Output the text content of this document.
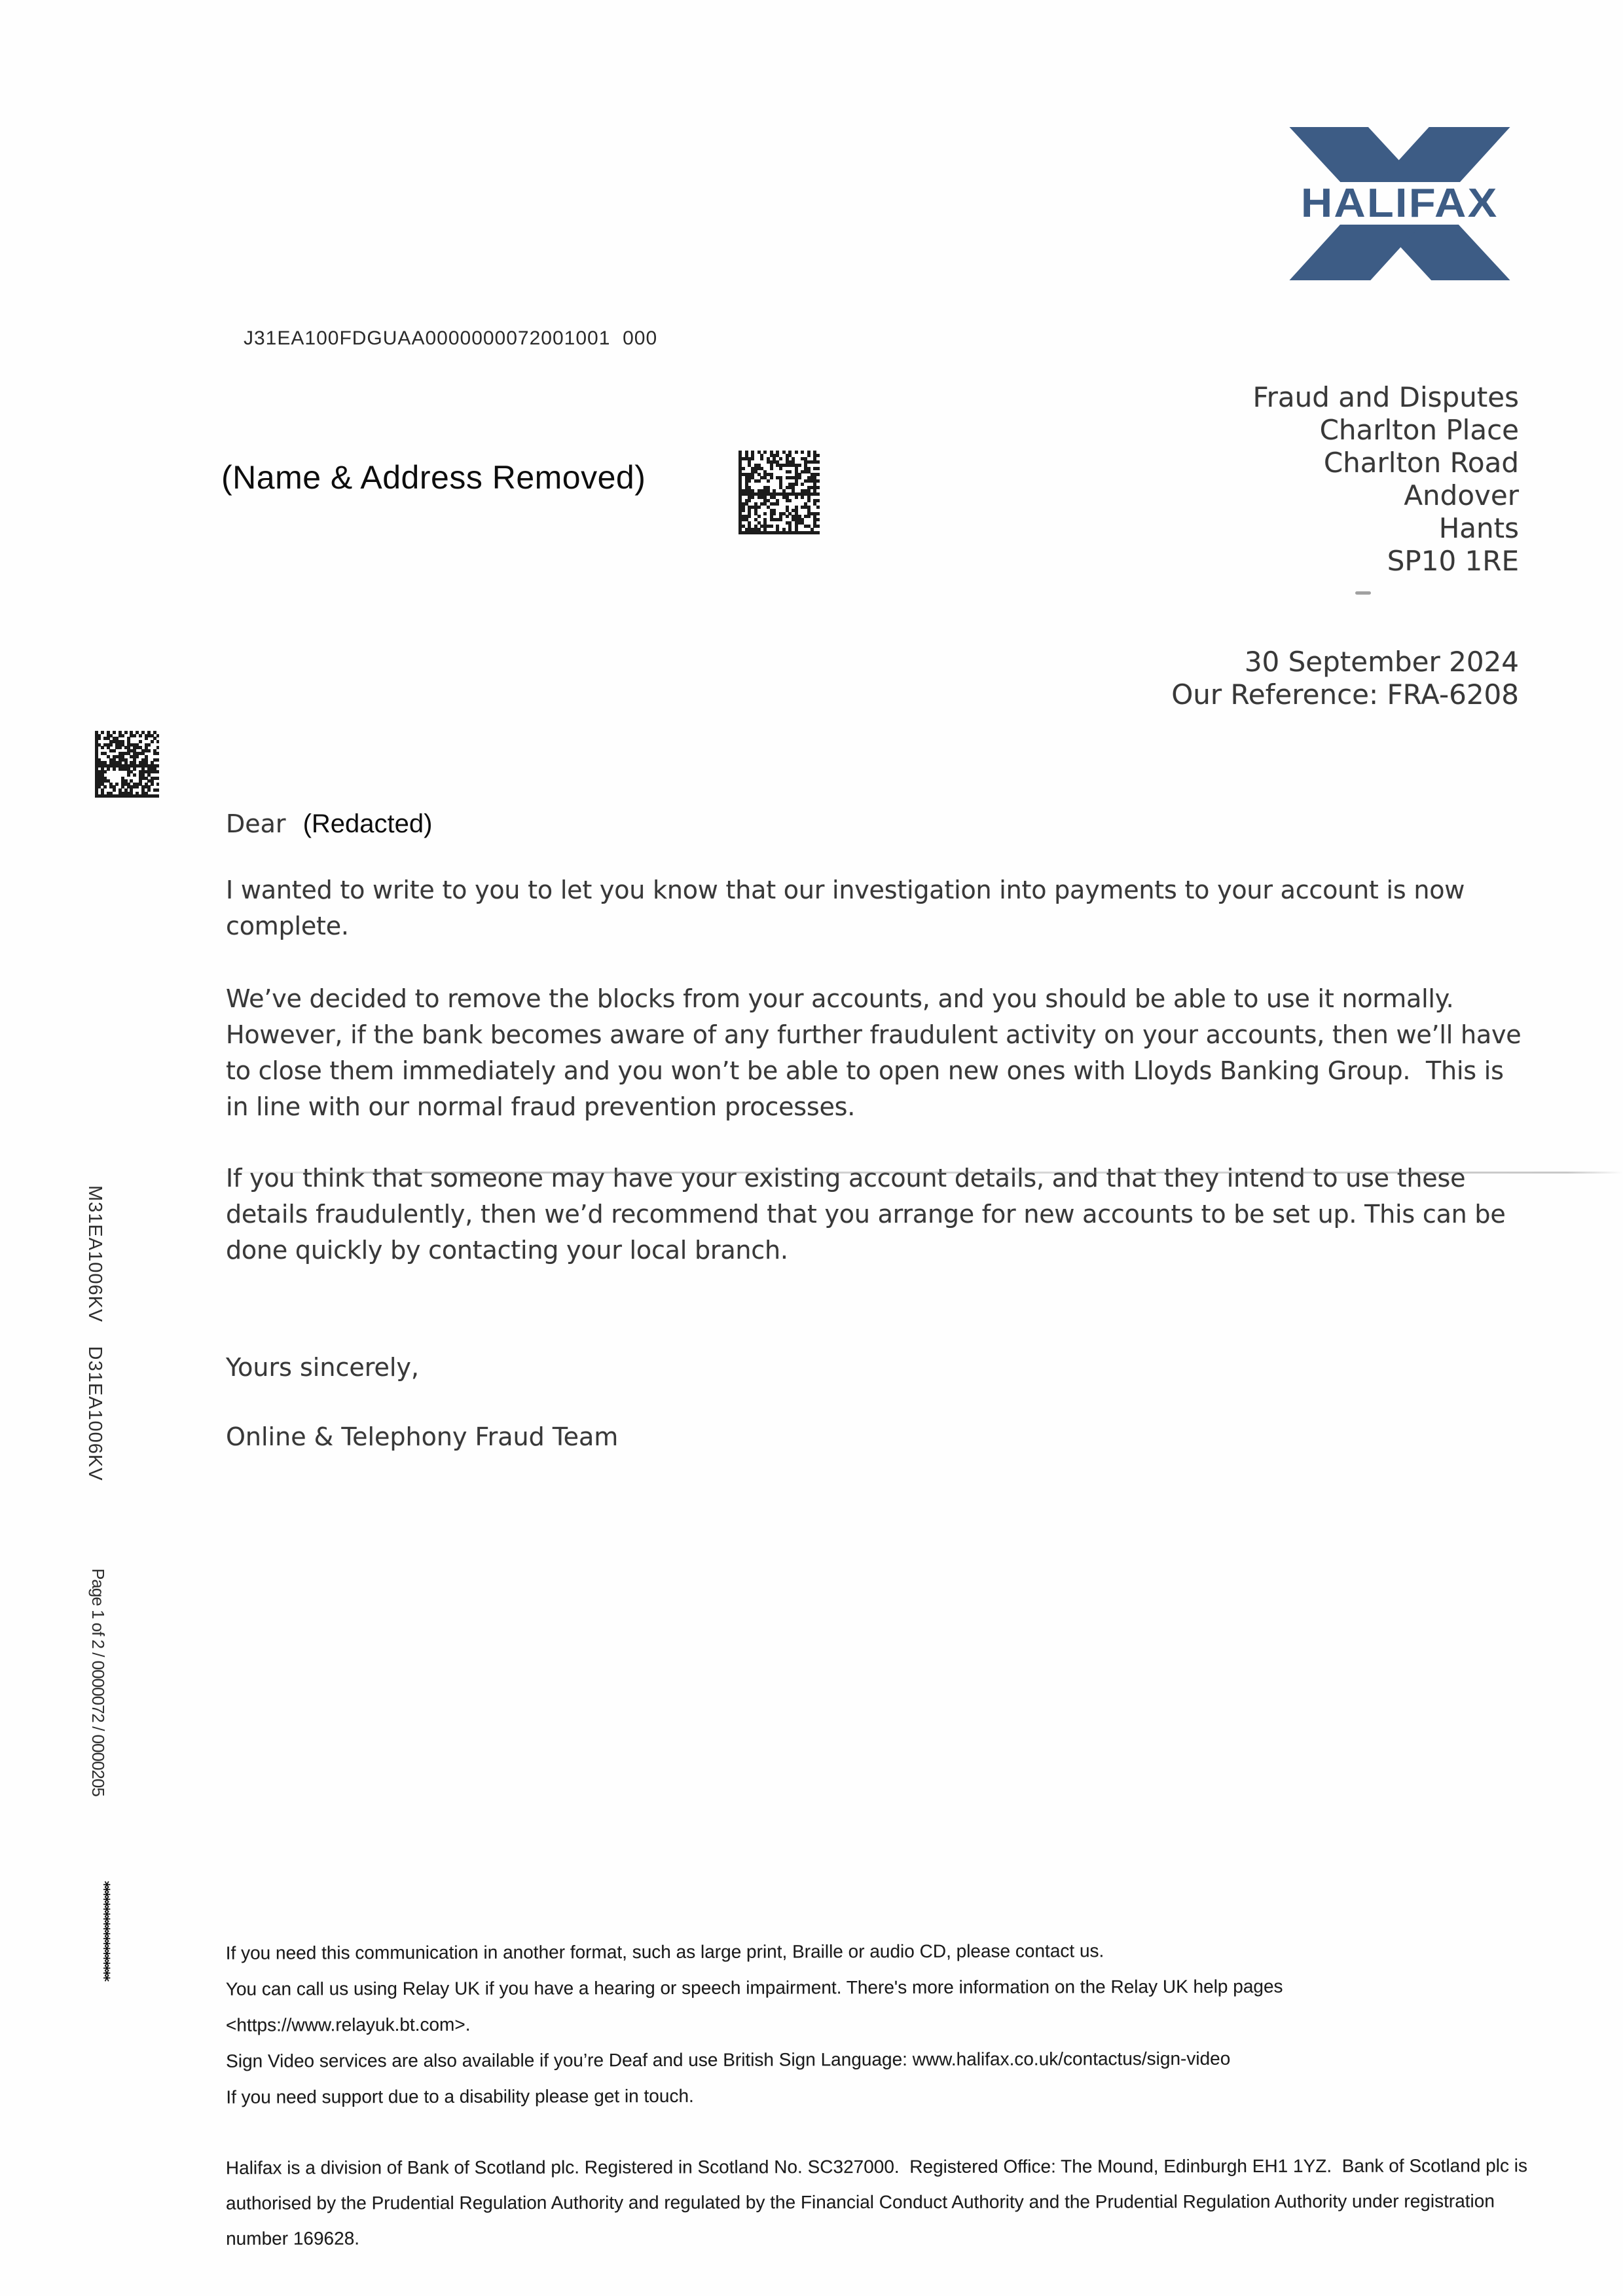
HALIFAX
J31EA100FDGUAA0000000072001001  000
(Name & Address Removed)
Fraud and Disputes
Charlton Place
Charlton Road
Andover
Hants
SP10 1RE
30 September 2024
Our Reference: FRA-6208
Dear (Redacted)
I wanted to write to you to let you know that our investigation into payments to your account is now complete.
We’ve decided to remove the blocks from your accounts, and you should be able to use it normally. However, if the bank becomes aware of any further fraudulent activity on your accounts, then we’ll have to close them immediately and you won’t be able to open new ones with Lloyds Banking Group.  This is in line with our normal fraud prevention processes.
If you think that someone may have your existing account details, and that they intend to use these details fraudulently, then we’d recommend that you arrange for new accounts to be set up. This can be done quickly by contacting your local branch.
Yours sincerely,
Online & Telephony Fraud Team
M31EA1006KV    D31EA1006KV
Page 1 of 2 / 0000072 / 0000205
********************	If you need this communication in another format, such as large print, Braille or audio CD, please contact us.
You can call us using Relay UK if you have a hearing or speech impairment. There's more information on the Relay UK help pages
<https://www.relayuk.bt.com>.
Sign Video services are also available if you’re Deaf and use British Sign Language: www.halifax.co.uk/contactus/sign-video
If you need support due to a disability please get in touch.
Halifax is a division of Bank of Scotland plc. Registered in Scotland No. SC327000.  Registered Office: The Mound, Edinburgh EH1 1YZ.  Bank of Scotland plc is authorised by the Prudential Regulation Authority and regulated by the Financial Conduct Authority and the Prudential Regulation Authority under registration number 169628.
